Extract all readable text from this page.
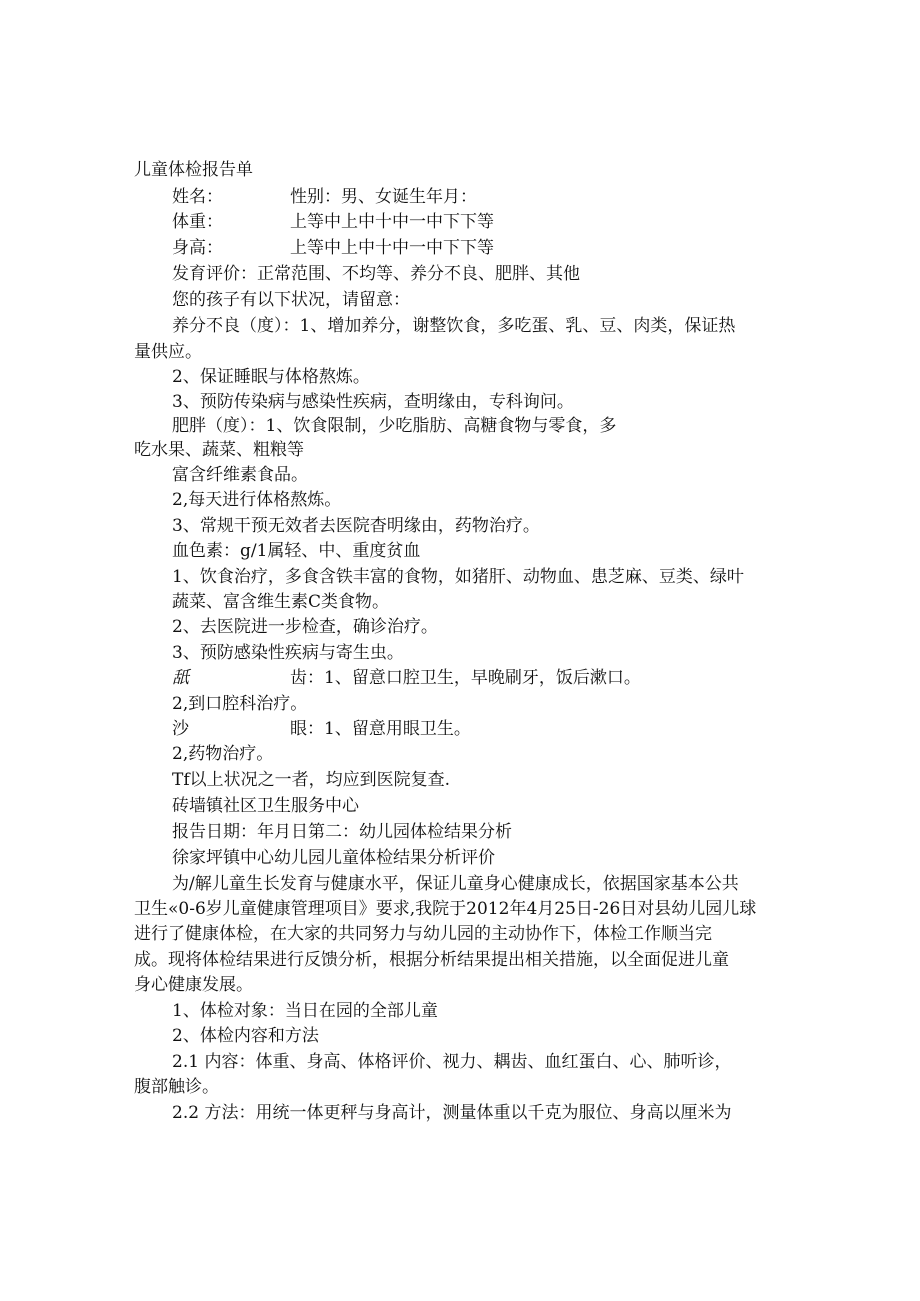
儿童体检报告单
姓名：	性别：男、女诞生年月：
体重：	上等中上中十中一中下下等
身高：	上等中上中十中一中下下等
发育评价：正常范围、不均等、养分不良、肥胖、其他
您的孩子有以下状况，请留意：
养分不良（度）：1、增加养分，谢整饮食，多吃蛋、乳、豆、肉类，保证热
量供应。
2、保证睡眠与体格熬炼。
3、预防传染病与感染性疾病，查明缘由，专科询问。
肥胖（度）：1、饮食限制，少吃脂肪、高糖食物与零食，多
吃水果、蔬菜、粗粮等
富含纤维素食品。
2,每天进行体格熬炼。
3、常规干预无效者去医院杳明缘由，药物治疗。
血色素：g/1属轻、中、重度贫血
1、饮食治疗，多食含铁丰富的食物，如猪肝、动物血、患芝麻、豆类、绿叶
蔬菜、富含维生素C类食物。
2、去医院进一步检查，确诊治疗。
3、预防感染性疾病与寄生虫。
舐	齿：1、留意口腔卫生，早晚刷牙，饭后漱口。
2,到口腔科治疗。
沙	眼：1、留意用眼卫生。
2,药物治疗。
Tf以上状况之一者，均应到医院复查.
砖墙镇社区卫生服务中心
报告日期：年月日第二：幼儿园体检结果分析
徐家坪镇中心幼儿园儿童体检结果分析评价
为/解儿童生长发育与健康水平，保证儿童身心健康成长，依据国家基本公共
卫生«0-6岁儿童健康管理项目》要求,我院于2012年4月25日-26日对县幼儿园儿球
进行了健康体检，在大家的共同努力与幼儿园的主动协作下，体检工作顺当完
成。现将体检结果进行反馈分析，根据分析结果提出相关措施，以全面促进儿童
身心健康发展。
1、体检对象：当日在园的全部儿童
2、体检内容和方法
2.1 内容：体重、身高、体格评价、视力、耦齿、血红蛋白、心、肺听诊，
腹部触诊。
2.2 方法：用统一体更秤与身高计，测量体重以千克为服位、身高以厘米为
